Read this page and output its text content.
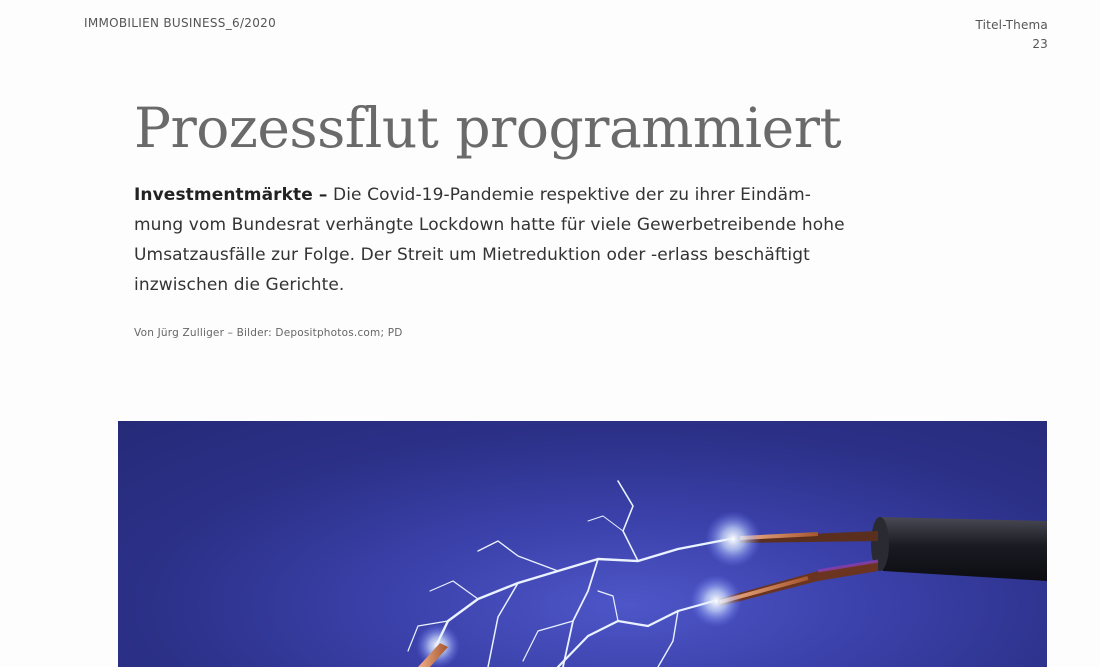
IMMOBILIEN BUSINESS_6/2020	Titel-Thema
23
Prozessflut programmiert
Investmentmärkte – Die Covid-19-Pandemie respektive der zu ihrer Eindäm-
mung vom Bundesrat verhängte Lockdown hatte für viele Gewerbetreibende hohe
Umsatzausfälle zur Folge. Der Streit um Mietreduktion oder -erlass beschäftigt
inzwischen die Gerichte.
Von Jürg Zulliger – Bilder: Depositphotos.com; PD
